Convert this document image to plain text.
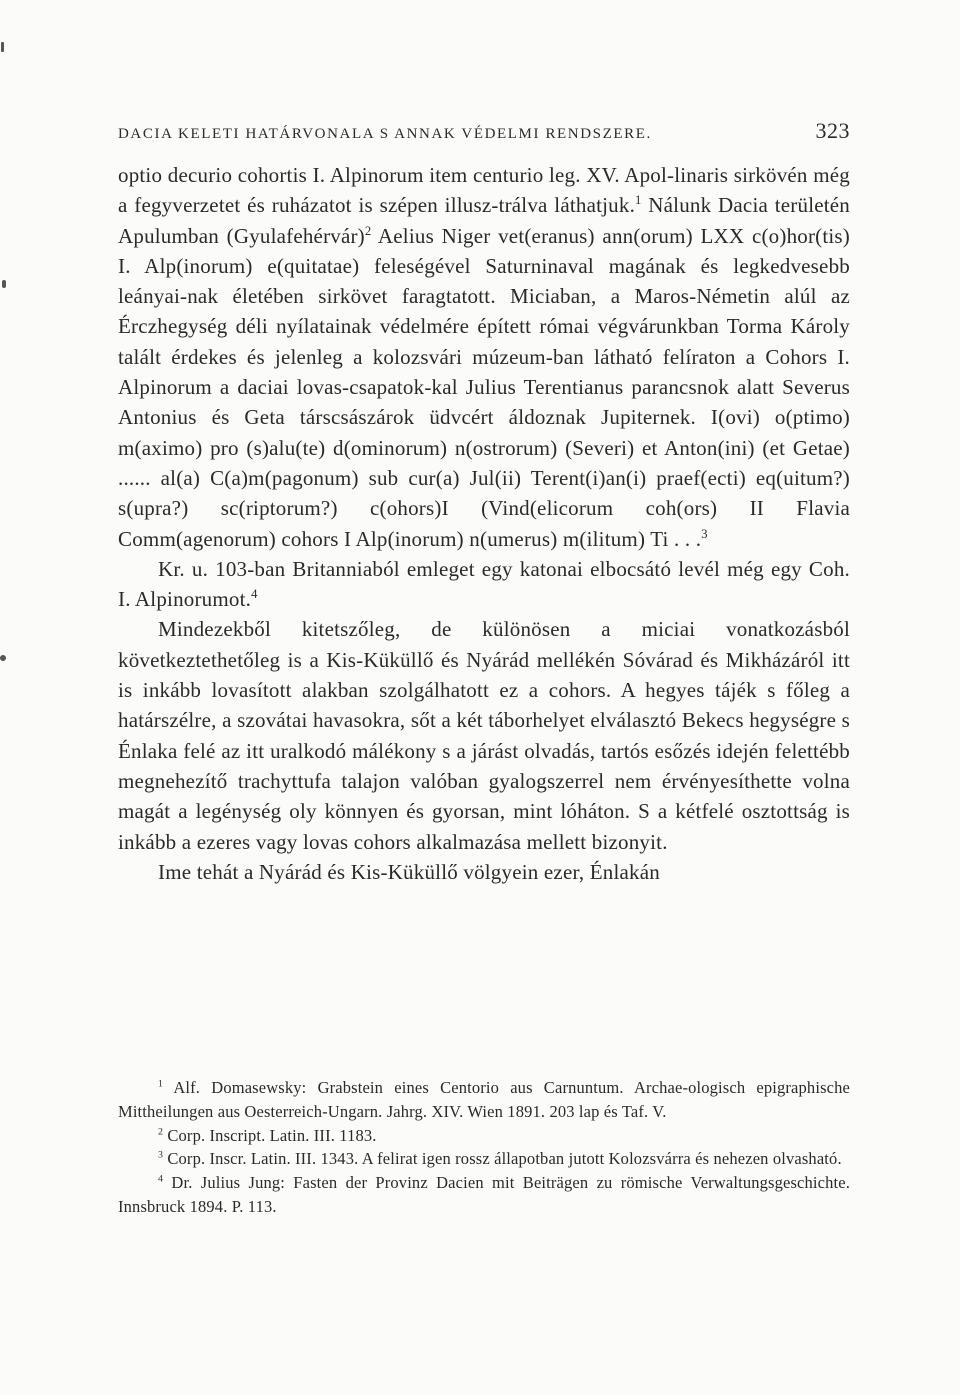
DACIA KELETI HATÁRVONALA S ANNAK VÉDELMI RENDSZERE.	323

optio decurio cohortis I. Alpinorum item centurio leg. XV. Apol-linaris sirkövén még a fegyverzetet és ruházatot is szépen illusz-trálva láthatjuk.$^1$ Nálunk Dacia területén Apulumban (Gyulafehérvár)$^2$ Aelius Niger vet(eranus) ann(orum) LXX c(o)hor(tis) I. Alp(inorum) e(quitatae) feleségével Saturninaval magának és legkedvesebb leányai-nak életében sirkövet faragtatott. Miciaban, a Maros-Németin alúl az Érczhegység déli nyílatainak védelmére épített római végvárunkban Torma Károly talált érdekes és jelenleg a kolozsvári múzeum-ban látható felíraton a Cohors I. Alpinorum a daciai lovas-csapatok-kal Julius Terentianus parancsnok alatt Severus Antonius és Geta társcsászárok üdvcért áldoznak Jupiternek. I(ovi) o(ptimo) m(aximo) pro (s)alu(te) d(ominorum) n(ostrorum) (Severi) et Anton(ini) (et Getae) ...... al(a) C(a)m(pagonum) sub cur(a) Jul(ii) Terent(i)an(i) praef(ecti) eq(uitum?) s(upra?) sc(riptorum?) c(ohors)I (Vind(elicorum coh(ors) II Flavia Comm(agenorum) cohors I Alp(inorum) n(umerus) m(ilitum) Ti . . .$^3$

Kr. u. 103-ban Britanniaból emleget egy katonai elbocsátó levél még egy Coh. I. Alpinorumot.$^4$

Mindezekből kitetszőleg, de különösen a miciai vonatkozásból következtethetőleg is a Kis-Küküllő és Nyárád mellékén Sóvárad és Mikházáról itt is inkább lovasított alakban szolgálhatott ez a cohors. A hegyes tájék s főleg a határszélre, a szovátai havasokra, sőt a két táborhelyet elválasztó Bekecs hegységre s Énlaka felé az itt uralkodó málékony s a járást olvadás, tartós esőzés idején felettébb megnehezítő trachyttufa talajon valóban gyalogszerrel nem érvényesíthette volna magát a legénység oly könnyen és gyorsan, mint lóháton. S a kétfelé osztottság is inkább a ezeres vagy lovas cohors alkalmazása mellett bizonyit.

Ime tehát a Nyárád és Kis-Küküllő völgyein ezer, Énlakán

$^1$ Alf. Domasewsky: Grabstein eines Centorio aus Carnuntum. Archae-ologisch epigraphische Mittheilungen aus Oesterreich-Ungarn. Jahrg. XIV. Wien 1891. 203 lap és Taf. V.

$^2$ Corp. Inscript. Latin. III. 1183.

$^3$ Corp. Inscr. Latin. III. 1343. A felirat igen rossz állapotban jutott Kolozsvárra és nehezen olvasható.

$^4$ Dr. Julius Jung: Fasten der Provinz Dacien mit Beiträgen zu römische Verwaltungsgeschichte. Innsbruck 1894. P. 113.
